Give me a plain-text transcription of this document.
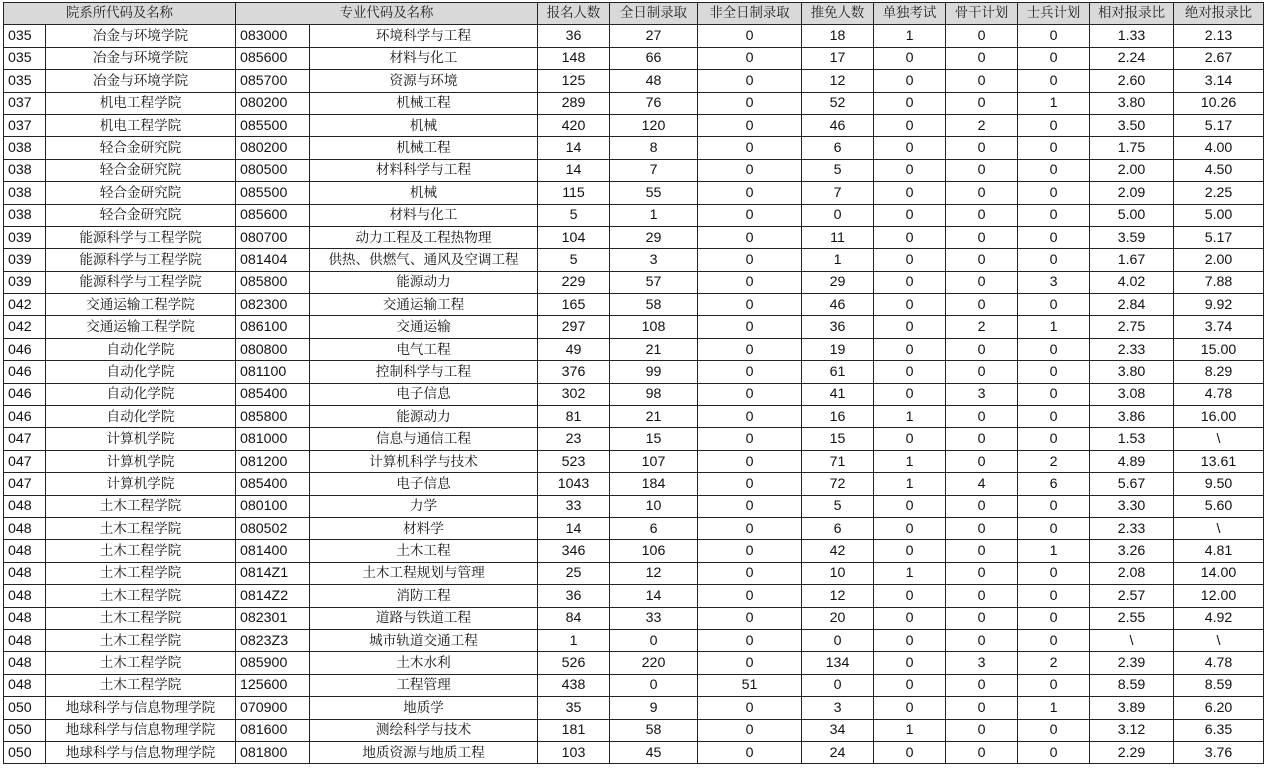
院系所代码及名称		专业代码及名称		报名人数	全日制录取	非全日制录取	推免人数	单独考试	骨干计划	士兵计划	相对报录比	绝对报录比
035	冶金与环境学院	083000	环境科学与工程	36	27	0	18	1	0	0	1.33	2.13
035	冶金与环境学院	085600	材料与化工	148	66	0	17	0	0	0	2.24	2.67
035	冶金与环境学院	085700	资源与环境	125	48	0	12	0	0	0	2.60	3.14
037	机电工程学院	080200	机械工程	289	76	0	52	0	0	1	3.80	10.26
037	机电工程学院	085500	机械	420	120	0	46	0	2	0	3.50	5.17
038	轻合金研究院	080200	机械工程	14	8	0	6	0	0	0	1.75	4.00
038	轻合金研究院	080500	材料科学与工程	14	7	0	5	0	0	0	2.00	4.50
038	轻合金研究院	085500	机械	115	55	0	7	0	0	0	2.09	2.25
038	轻合金研究院	085600	材料与化工	5	1	0	0	0	0	0	5.00	5.00
039	能源科学与工程学院	080700	动力工程及工程热物理	104	29	0	11	0	0	0	3.59	5.17
039	能源科学与工程学院	081404	供热、供燃气、通风及空调工程	5	3	0	1	0	0	0	1.67	2.00
039	能源科学与工程学院	085800	能源动力	229	57	0	29	0	0	3	4.02	7.88
042	交通运输工程学院	082300	交通运输工程	165	58	0	46	0	0	0	2.84	9.92
042	交通运输工程学院	086100	交通运输	297	108	0	36	0	2	1	2.75	3.74
046	自动化学院	080800	电气工程	49	21	0	19	0	0	0	2.33	15.00
046	自动化学院	081100	控制科学与工程	376	99	0	61	0	0	0	3.80	8.29
046	自动化学院	085400	电子信息	302	98	0	41	0	3	0	3.08	4.78
046	自动化学院	085800	能源动力	81	21	0	16	1	0	0	3.86	16.00
047	计算机学院	081000	信息与通信工程	23	15	0	15	0	0	0	1.53	\
047	计算机学院	081200	计算机科学与技术	523	107	0	71	1	0	2	4.89	13.61
047	计算机学院	085400	电子信息	1043	184	0	72	1	4	6	5.67	9.50
048	土木工程学院	080100	力学	33	10	0	5	0	0	0	3.30	5.60
048	土木工程学院	080502	材料学	14	6	0	6	0	0	0	2.33	\
048	土木工程学院	081400	土木工程	346	106	0	42	0	0	1	3.26	4.81
048	土木工程学院	0814Z1	土木工程规划与管理	25	12	0	10	1	0	0	2.08	14.00
048	土木工程学院	0814Z2	消防工程	36	14	0	12	0	0	0	2.57	12.00
048	土木工程学院	082301	道路与铁道工程	84	33	0	20	0	0	0	2.55	4.92
048	土木工程学院	0823Z3	城市轨道交通工程	1	0	0	0	0	0	0	\	\
048	土木工程学院	085900	土木水利	526	220	0	134	0	3	2	2.39	4.78
048	土木工程学院	125600	工程管理	438	0	51	0	0	0	0	8.59	8.59
050	地球科学与信息物理学院	070900	地质学	35	9	0	3	0	0	1	3.89	6.20
050	地球科学与信息物理学院	081600	测绘科学与技术	181	58	0	34	1	0	0	3.12	6.35
050	地球科学与信息物理学院	081800	地质资源与地质工程	103	45	0	24	0	0	0	2.29	3.76
